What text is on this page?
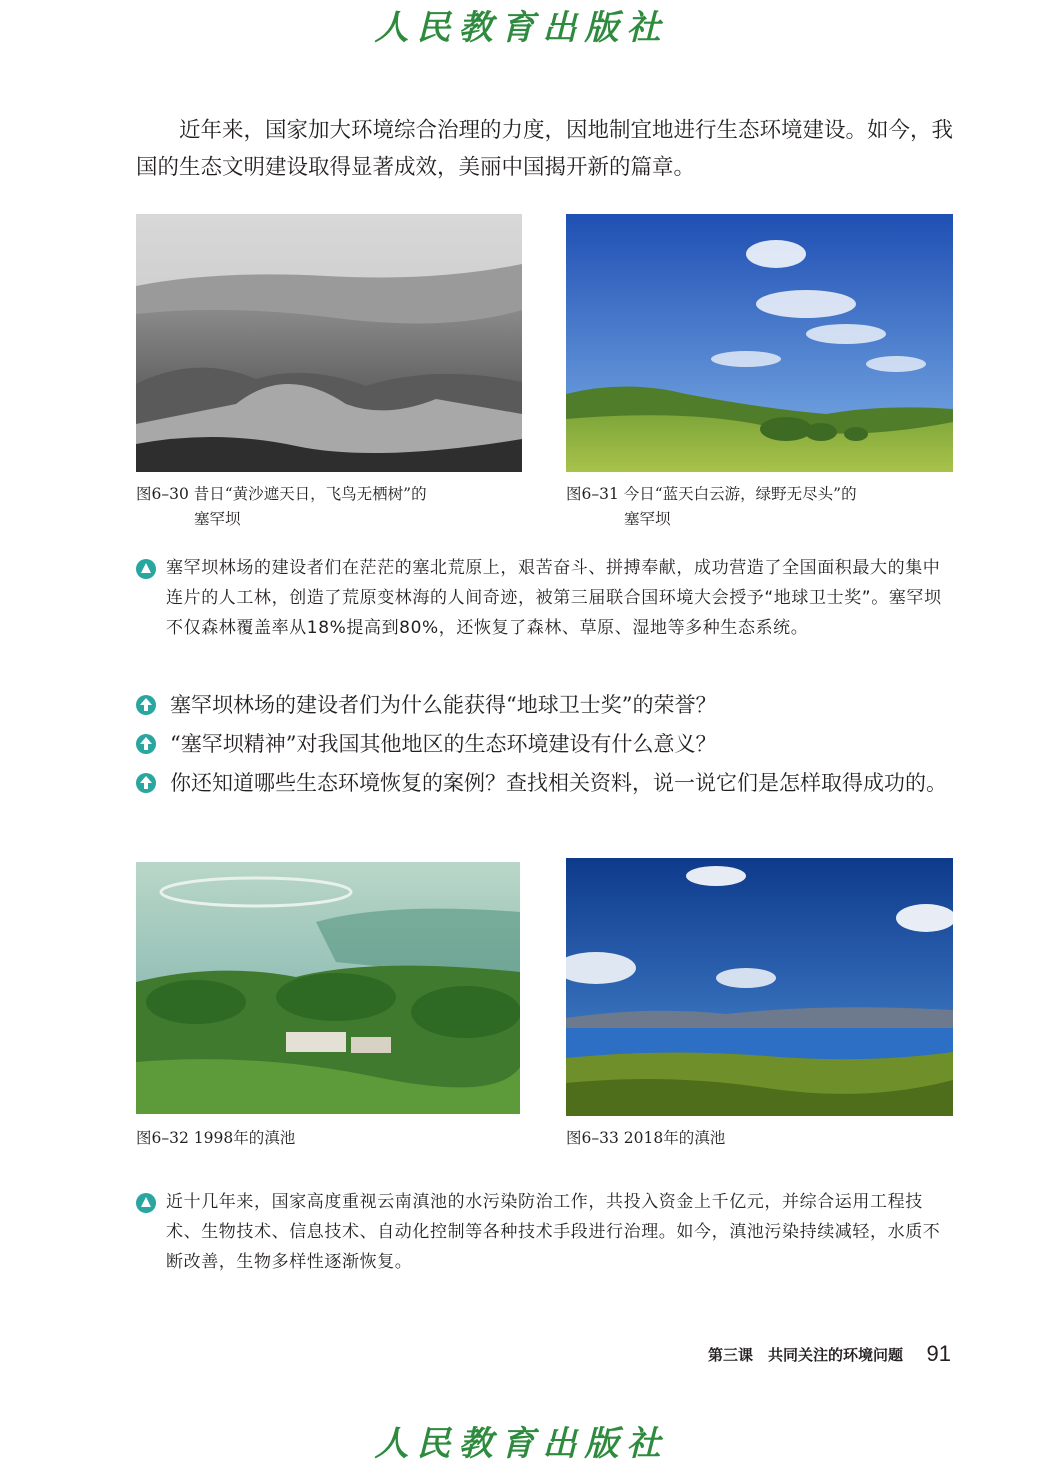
人民教育出版社

近年来，国家加大环境综合治理的力度，因地制宜地进行生态环境建设。如今，我国的生态文明建设取得显著成效，美丽中国揭开新的篇章。

图6–30 昔日“黄沙遮天日，飞鸟无栖树”的
塞罕坝
图6–31 今日“蓝天白云游，绿野无尽头”的
塞罕坝
塞罕坝林场的建设者们在茫茫的塞北荒原上，艰苦奋斗、拼搏奉献，成功营造了全国面积最大的集中连片的人工林，创造了荒原变林海的人间奇迹，被第三届联合国环境大会授予“地球卫士奖”。塞罕坝不仅森林覆盖率从18%提高到80%，还恢复了森林、草原、湿地等多种生态系统。
塞罕坝林场的建设者们为什么能获得“地球卫士奖”的荣誉？
“塞罕坝精神”对我国其他地区的生态环境建设有什么意义？
你还知道哪些生态环境恢复的案例？查找相关资料，说一说它们是怎样取得成功的。
图6–32 1998年的滇池	图6–33 2018年的滇池
近十几年来，国家高度重视云南滇池的水污染防治工作，共投入资金上千亿元，并综合运用工程技术、生物技术、信息技术、自动化控制等各种技术手段进行治理。如今，滇池污染持续减轻，水质不断改善，生物多样性逐渐恢复。
第三课　共同关注的环境问题 91
人民教育出版社
